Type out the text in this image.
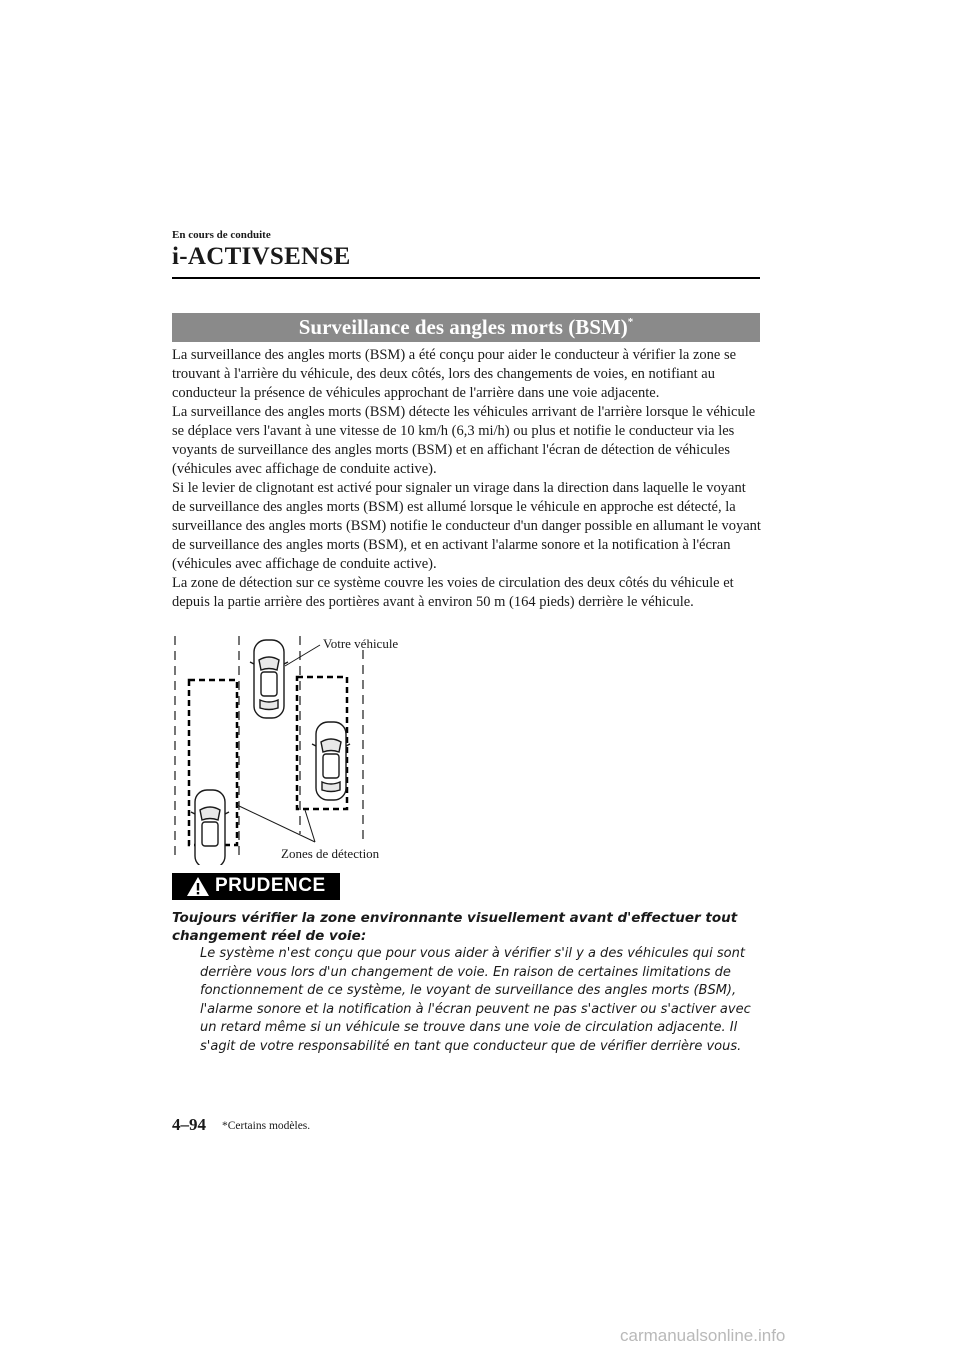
En cours de conduite
i-ACTIVSENSE
Surveillance des angles morts (BSM)*

La surveillance des angles morts (BSM) a été conçu pour aider le conducteur à vérifier la zone se trouvant à l'arrière du véhicule, des deux côtés, lors des changements de voies, en notifiant au conducteur la présence de véhicules approchant de l'arrière dans une voie adjacente.

La surveillance des angles morts (BSM) détecte les véhicules arrivant de l'arrière lorsque le véhicule se déplace vers l'avant à une vitesse de 10 km/h (6,3 mi/h) ou plus et notifie le conducteur via les voyants de surveillance des angles morts (BSM) et en affichant l'écran de détection de véhicules (véhicules avec affichage de conduite active).

Si le levier de clignotant est activé pour signaler un virage dans la direction dans laquelle le voyant de surveillance des angles morts (BSM) est allumé lorsque le véhicule en approche est détecté, la surveillance des angles morts (BSM) notifie le conducteur d'un danger possible en allumant le voyant de surveillance des angles morts (BSM), et en activant l'alarme sonore et la notification à l'écran (véhicules avec affichage de conduite active).

La zone de détection sur ce système couvre les voies de circulation des deux côtés du véhicule et depuis la partie arrière des portières avant à environ 50 m (164 pieds) derrière le véhicule.

Votre véhicule
Zones de détection
PRUDENCE
Toujours vérifier la zone environnante visuellement avant d'effectuer tout changement réel de voie:
Le système n'est conçu que pour vous aider à vérifier s'il y a des véhicules qui sont derrière vous lors d'un changement de voie. En raison de certaines limitations de fonctionnement de ce système, le voyant de surveillance des angles morts (BSM), l'alarme sonore et la notification à l'écran peuvent ne pas s'activer ou s'activer avec un retard même si un véhicule se trouve dans une voie de circulation adjacente. Il s'agit de votre responsabilité en tant que conducteur que de vérifier derrière vous.
4–94 *Certains modèles.
carmanualsonline.info
